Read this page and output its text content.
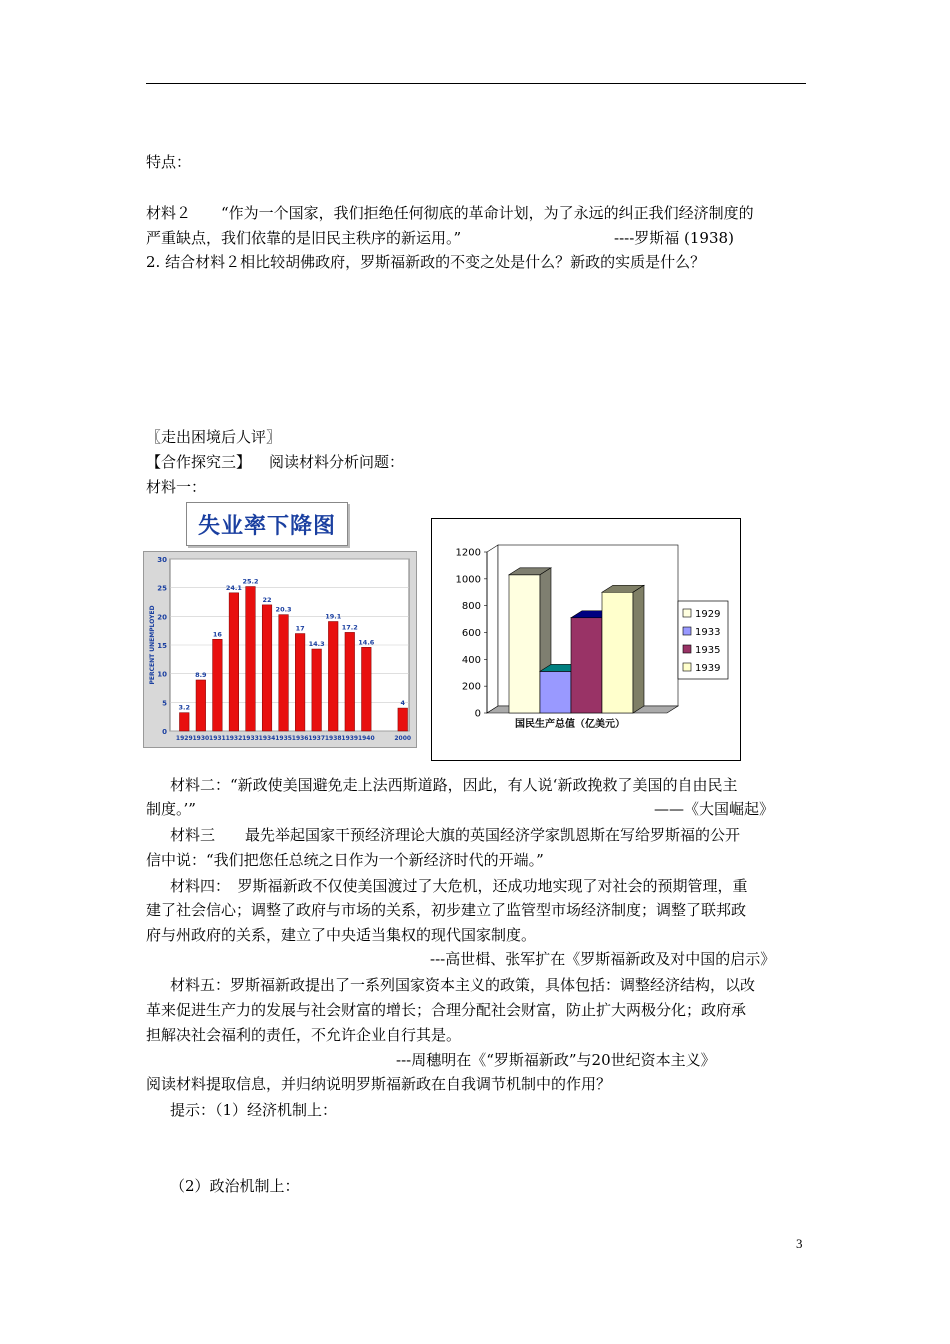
特点：
材料２　　“作为一个国家，我们拒绝任何彻底的革命计划，为了永远的纠正我们经济制度的
严重缺点，我们依靠的是旧民主秩序的新运用。”	----罗斯福 (1938)
2. 结合材料２相比较胡佛政府，罗斯福新政的不变之处是什么？新政的实质是什么？
〖走出困境后人评〗
【合作探究三】 阅读材料分析问题：
材料一：
失业率下降图
0
5
10
15
20
25
30
PERCENT UNEMPLOYED
3.2
1929
8.9
1930
16
1931
24.1
1932
25.2
1933
22
1934
20.3
1935
17
1936
14.3
1937
19.1
1938
17.2
1939
14.6
1940
4
2000
0
200
400
600
800
1000
1200
国民生产总值（亿美元）
1929
1933
1935
1939
材料二：“新政使美国避免走上法西斯道路，因此，有人说‘新政挽救了美国的自由民主
制度。’”	——《大国崛起》
材料三　　最先举起国家干预经济理论大旗的英国经济学家凯恩斯在写给罗斯福的公开
信中说：“我们把您任总统之日作为一个新经济时代的开端。”
材料四：　罗斯福新政不仅使美国渡过了大危机，还成功地实现了对社会的预期管理，重
建了社会信心；调整了政府与市场的关系，初步建立了监管型市场经济制度；调整了联邦政
府与州政府的关系，建立了中央适当集权的现代国家制度。
---高世楫、张军扩在《罗斯福新政及对中国的启示》
材料五：罗斯福新政提出了一系列国家资本主义的政策，具体包括：调整经济结构，以改
革来促进生产力的发展与社会财富的增长；合理分配社会财富，防止扩大两极分化；政府承
担解决社会福利的责任，不允许企业自行其是。
---周穗明在《“罗斯福新政”与20世纪资本主义》
阅读材料提取信息，并归纳说明罗斯福新政在自我调节机制中的作用？
提示：（1）经济机制上：
（2）政治机制上：
3
